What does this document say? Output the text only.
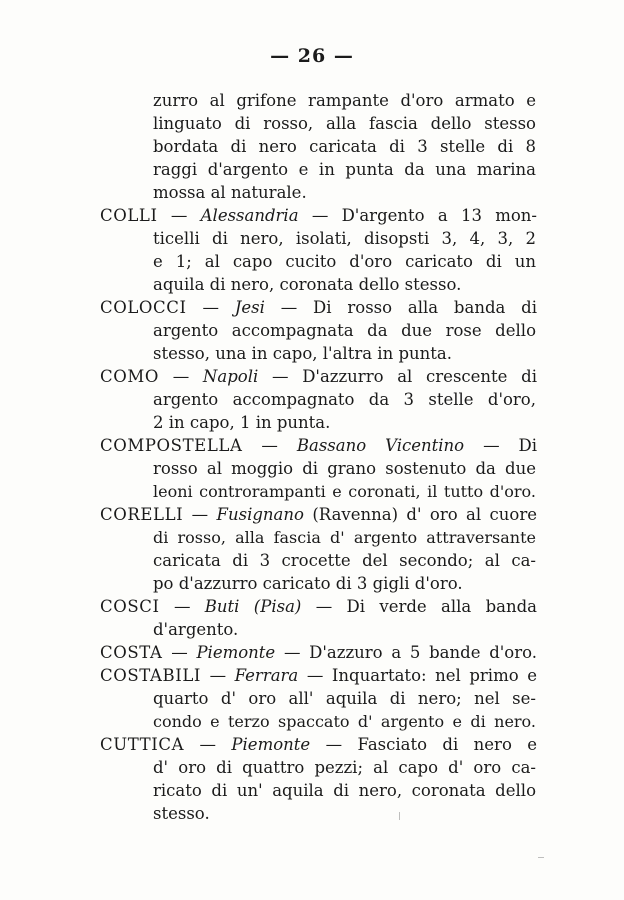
— 26 —
zurro al grifone rampante d'oro armato e
linguato di rosso, alla fascia dello stesso
bordata di nero caricata di 3 stelle di 8
raggi d'argento e in punta da una marina
mossa al naturale.
COLLI — Alessandria — D'argento a 13 mon-
ticelli di nero, isolati, disopsti 3, 4, 3, 2
e 1; al capo cucito d'oro caricato di un
aquila di nero, coronata dello stesso.
COLOCCI — Jesi — Di rosso alla banda di
argento accompagnata da due rose dello
stesso, una in capo, l'altra in punta.
COMO — Napoli — D'azzurro al crescente di
argento accompagnato da 3 stelle d'oro,
2 in capo, 1 in punta.
COMPOSTELLA — Bassano Vicentino — Di
rosso al moggio di grano sostenuto da due
leoni controrampanti e coronati, il tutto d'oro.
CORELLI — Fusignano (Ravenna) d' oro al cuore
di rosso, alla fascia d' argento attraversante
caricata di 3 crocette del secondo; al ca-
po d'azzurro caricato di 3 gigli d'oro.
COSCI — Buti (Pisa) — Di verde alla banda
d'argento.
COSTA — Piemonte — D'azzuro a 5 bande d'oro.
COSTABILI — Ferrara — Inquartato: nel primo e
quarto d' oro all' aquila di nero; nel se-
condo e terzo spaccato d' argento e di nero.
CUTTICA — Piemonte — Fasciato di nero e
d' oro di quattro pezzi; al capo d' oro ca-
ricato di un' aquila di nero, coronata dello
stesso.
